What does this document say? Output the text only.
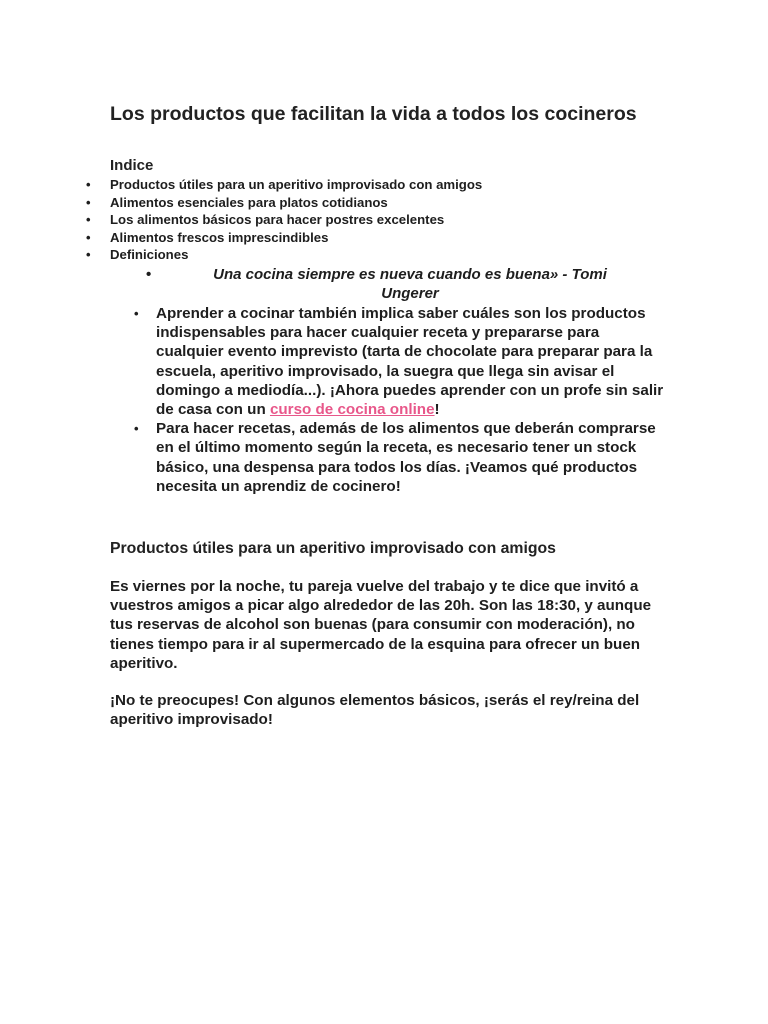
Los productos que facilitan la vida a todos los cocineros
Indice
• Productos útiles para un aperitivo improvisado con amigos
• Alimentos esenciales para platos cotidianos
• Los alimentos básicos para hacer postres excelentes
• Alimentos frescos imprescindibles
• Definiciones

• Una cocina siempre es nueva cuando es buena» - Tomi
Ungerer

• Aprender a cocinar también implica saber cuáles son los productos indispensables para hacer cualquier receta y prepararse para cualquier evento imprevisto (tarta de chocolate para preparar para la escuela, aperitivo improvisado, la suegra que llega sin avisar el domingo a mediodía...). ¡Ahora puedes aprender con un profe sin salir de casa con un curso de cocina online!
• Para hacer recetas, además de los alimentos que deberán comprarse en el último momento según la receta, es necesario tener un stock básico, una despensa para todos los días. ¡Veamos qué productos necesita un aprendiz de cocinero!
Productos útiles para un aperitivo improvisado con amigos

Es viernes por la noche, tu pareja vuelve del trabajo y te dice que invitó a vuestros amigos a picar algo alrededor de las 20h. Son las 18:30, y aunque tus reservas de alcohol son buenas (para consumir con moderación), no tienes tiempo para ir al supermercado de la esquina para ofrecer un buen aperitivo.

¡No te preocupes! Con algunos elementos básicos, ¡serás el rey/reina del aperitivo improvisado!
